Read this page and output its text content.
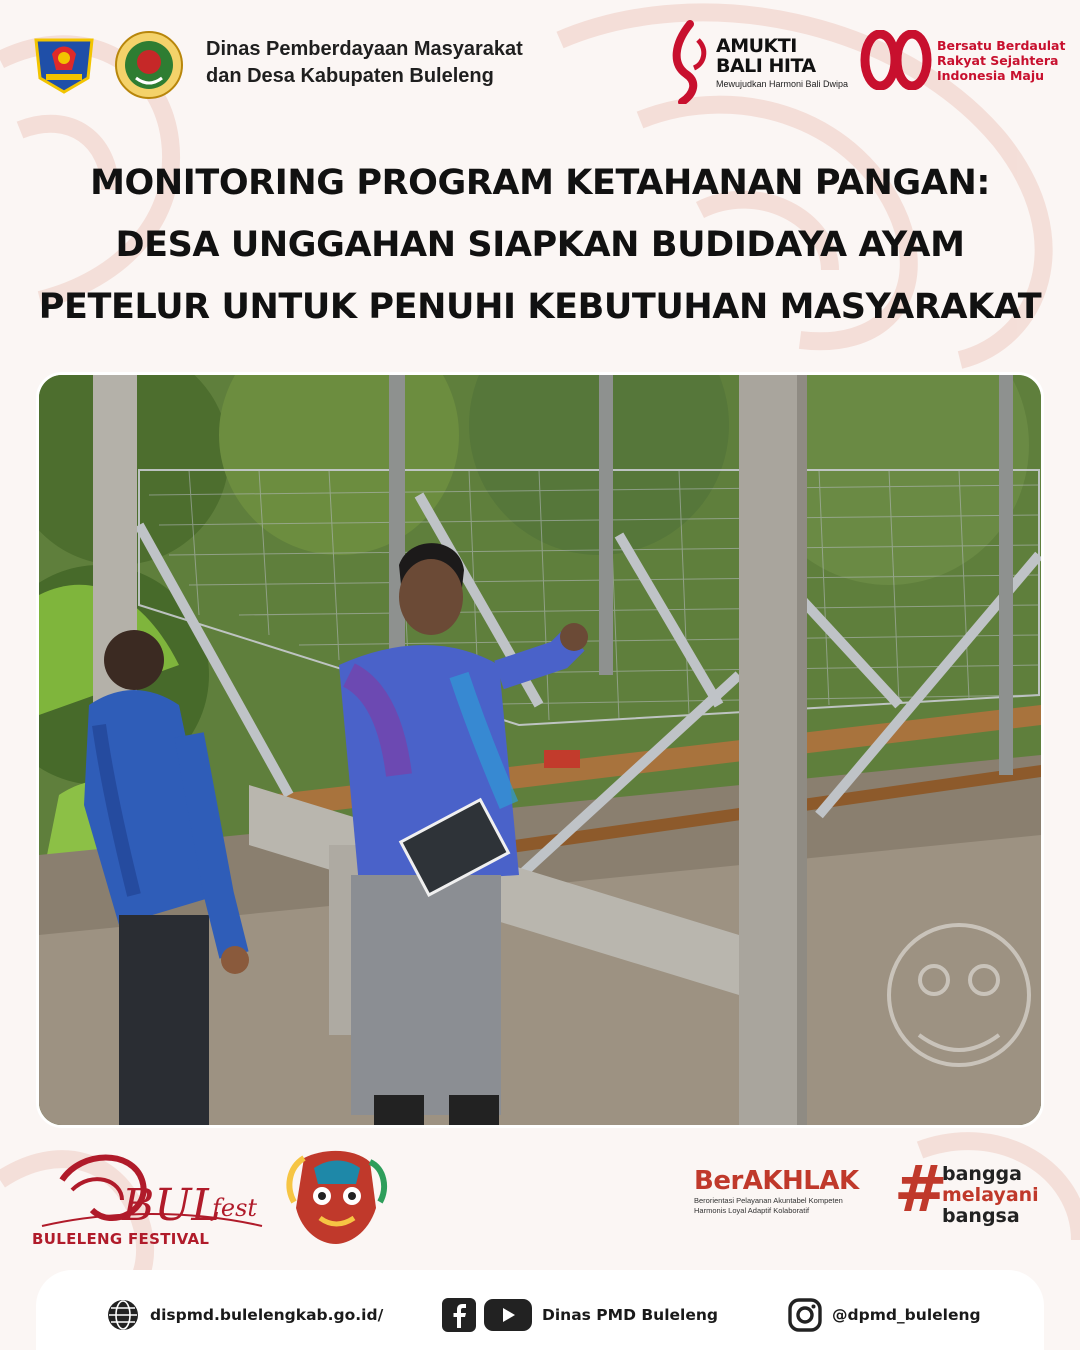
Dinas Pemberdayaan Masyarakat
dan Desa Kabupaten Buleleng
AMUKTI
BALI HITA
Mewujudkan Harmoni Bali Dwipa
Bersatu Berdaulat
Rakyat Sejahtera
Indonesia Maju
MONITORING PROGRAM KETAHANAN PANGAN:
DESA UNGGAHAN SIAPKAN BUDIDAYA AYAM
PETELUR UNTUK PENUHI KEBUTUHAN MASYARAKAT
BUL
fest
BULELENG FESTIVAL
BerAKHLAK
Berorientasi Pelayanan Akuntabel Kompeten Harmonis Loyal Adaptif Kolaboratif	#
bangga
melayani
bangsa
dispmd.bulelengkab.go.id/	Dinas PMD Buleleng	@dpmd_buleleng
